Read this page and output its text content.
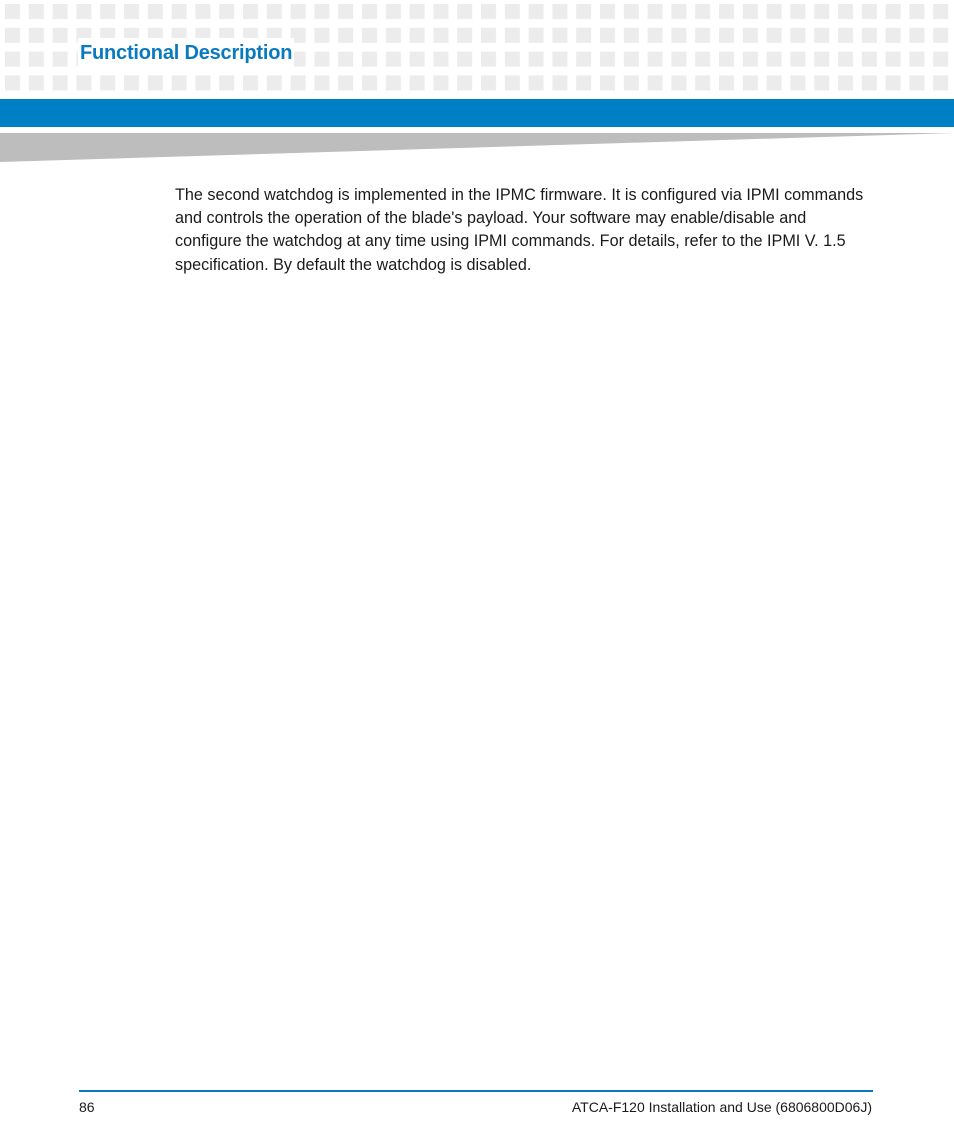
Functional Description

The second watchdog is implemented in the IPMC firmware. It is configured via IPMI commands and controls the operation of the blade's payload. Your software may enable/disable and configure the watchdog at any time using IPMI commands. For details, refer to the IPMI V. 1.5 specification. By default the watchdog is disabled.

86	ATCA-F120 Installation and Use (6806800D06J)
